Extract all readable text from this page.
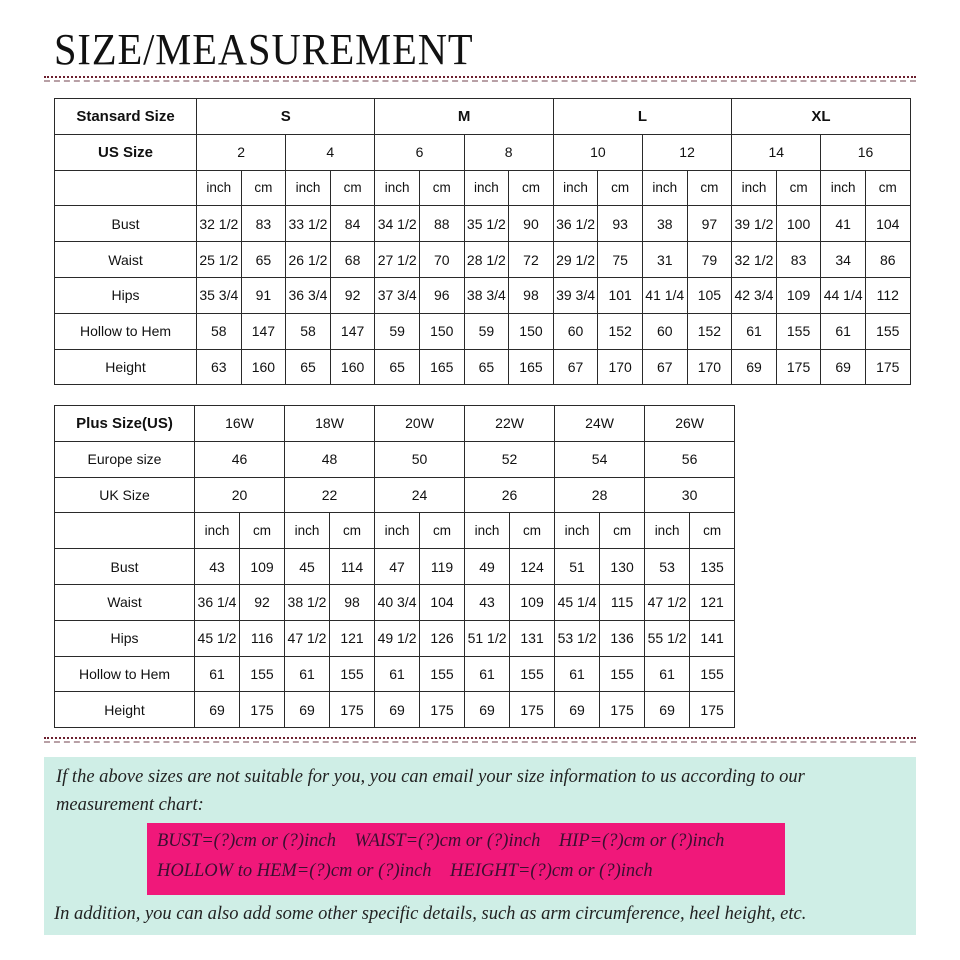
SIZE/MEASUREMENT
Stansard Size	S				M				L				XL			
US Size	2		4		6		8		10		12		14		16	
	inch	cm	inch	cm	inch	cm	inch	cm	inch	cm	inch	cm	inch	cm	inch	cm
Bust	32 1/2	83	33 1/2	84	34 1/2	88	35 1/2	90	36 1/2	93	38	97	39 1/2	100	41	104
Waist	25 1/2	65	26 1/2	68	27 1/2	70	28 1/2	72	29 1/2	75	31	79	32 1/2	83	34	86
Hips	35 3/4	91	36 3/4	92	37 3/4	96	38 3/4	98	39 3/4	101	41 1/4	105	42 3/4	109	44 1/4	112
Hollow to Hem	58	147	58	147	59	150	59	150	60	152	60	152	61	155	61	155
Height	63	160	65	160	65	165	65	165	67	170	67	170	69	175	69	175
Plus Size(US)	16W		18W		20W		22W		24W		26W	
Europe size	46		48		50		52		54		56	
UK Size	20		22		24		26		28		30	
	inch	cm	inch	cm	inch	cm	inch	cm	inch	cm	inch	cm
Bust	43	109	45	114	47	119	49	124	51	130	53	135
Waist	36 1/4	92	38 1/2	98	40 3/4	104	43	109	45 1/4	115	47 1/2	121
Hips	45 1/2	116	47 1/2	121	49 1/2	126	51 1/2	131	53 1/2	136	55 1/2	141
Hollow to Hem	61	155	61	155	61	155	61	155	61	155	61	155
Height	69	175	69	175	69	175	69	175	69	175	69	175

If the above sizes are not suitable for you, you can email your size information to us according to our measurement chart:

BUST=(?)cm or (?)inch    WAIST=(?)cm or (?)inch    HIP=(?)cm or (?)inch
HOLLOW to HEM=(?)cm or (?)inch    HEIGHT=(?)cm or (?)inch

In addition, you can also add some other specific details, such as arm circumference, heel height, etc.
